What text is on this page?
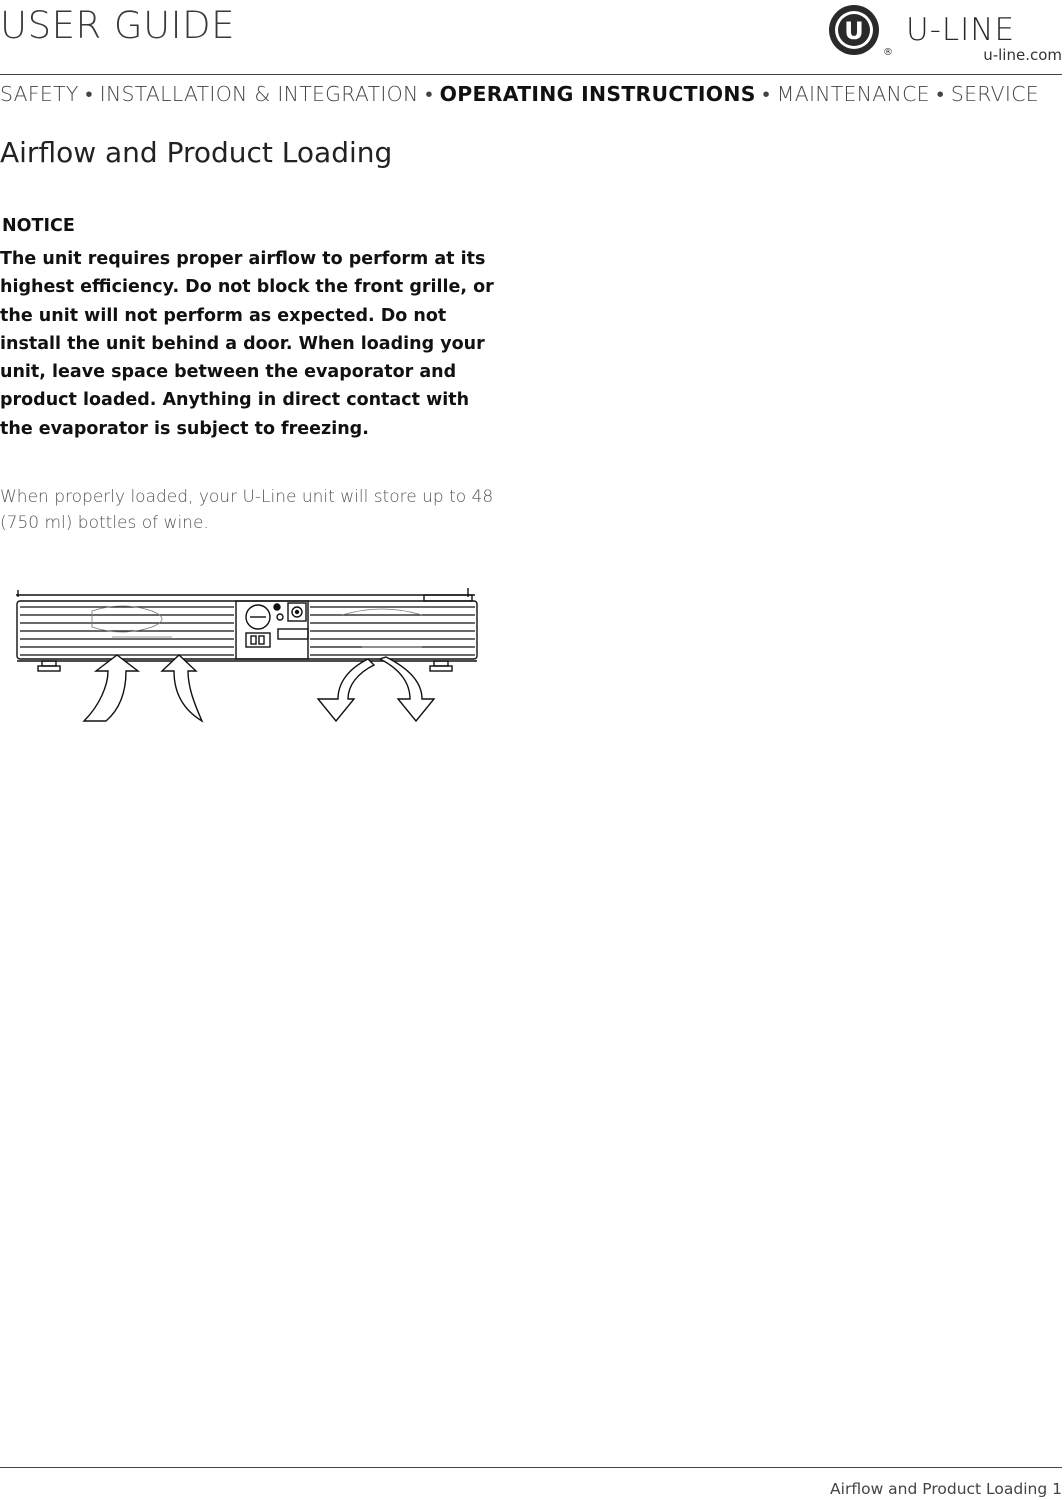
USER GUIDE	U
®
U-LINE
u-line.com
SAFETY • INSTALLATION & INTEGRATION • OPERATING INSTRUCTIONS • MAINTENANCE • SERVICE
Airflow and Product Loading
NOTICE
The unit requires proper airflow to perform at its highest efficiency. Do not block the front grille, or the unit will not perform as expected. Do not install the unit behind a door. When loading your unit, leave space between the evaporator and product loaded. Anything in direct contact with the evaporator is subject to freezing.
When properly loaded, your U-Line unit will store up to 48 (750 ml) bottles of wine.
Airflow and Product Loading 1
